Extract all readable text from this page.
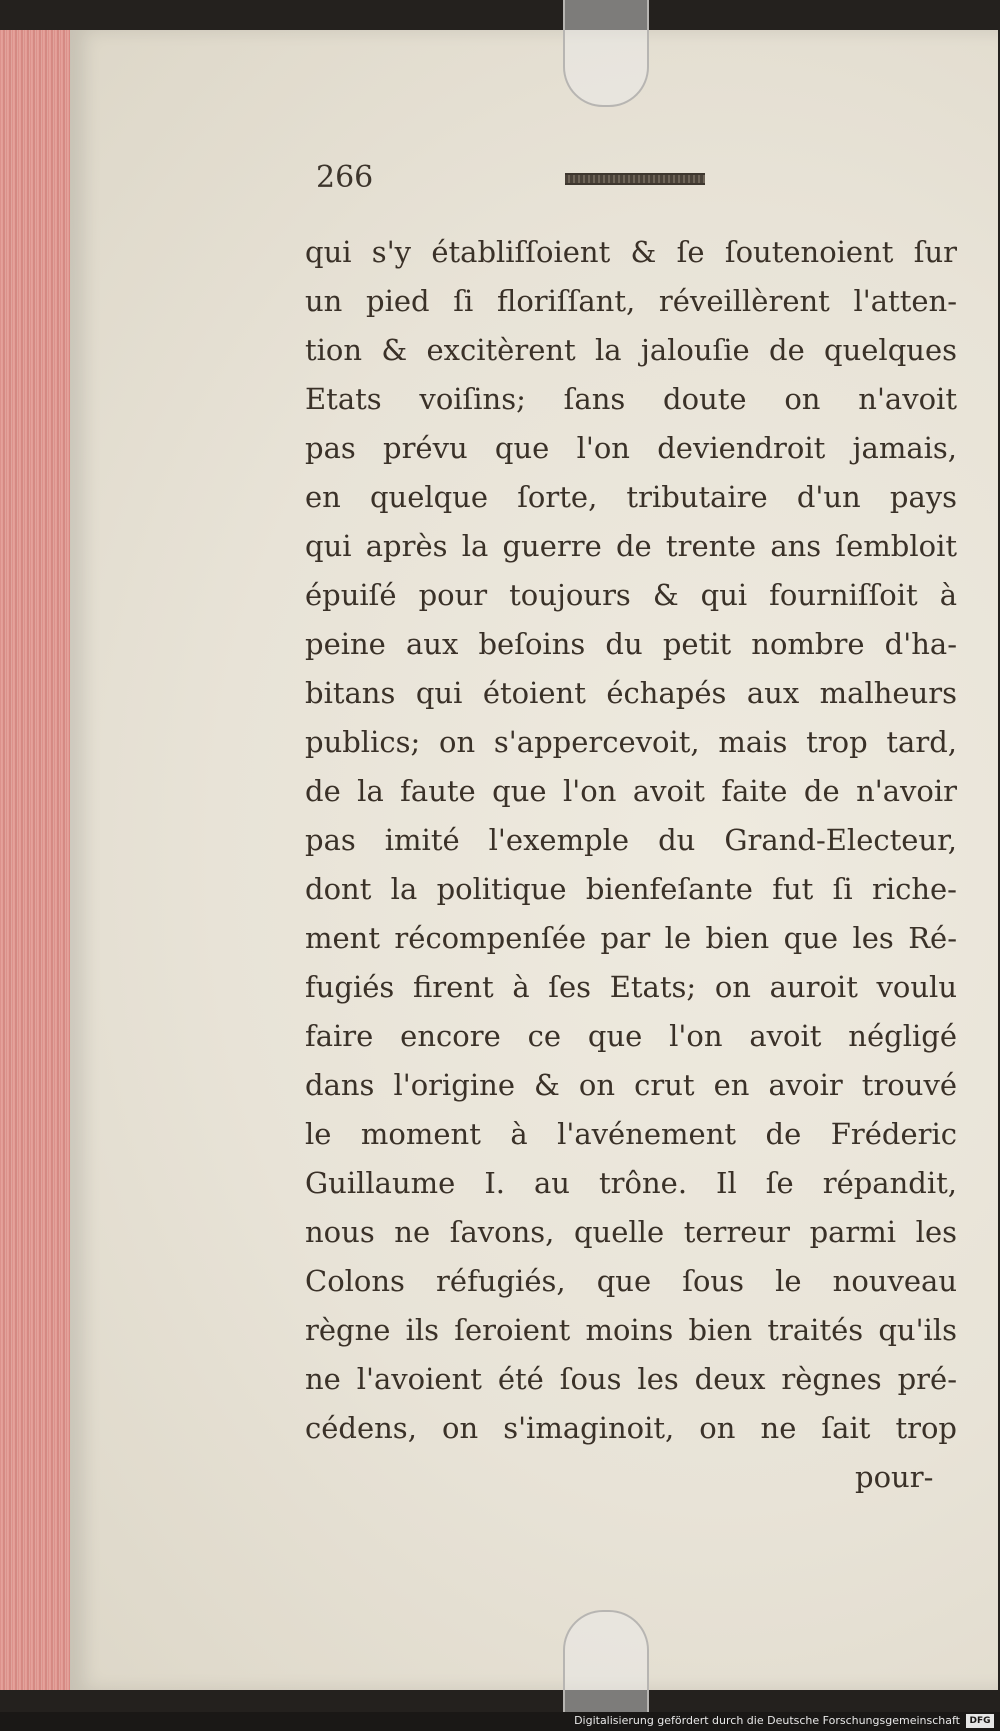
266

qui s'y établiſſoient & ſe ſoutenoient ſur
un pied ſi floriſſant, réveillèrent l'atten-
tion & excitèrent la jalouſie de quelques
Etats voiſins; ſans doute on n'avoit
pas prévu que l'on deviendroit jamais,
en quelque ſorte, tributaire d'un pays
qui après la guerre de trente ans ſembloit
épuiſé pour toujours & qui fourniſſoit à
peine aux beſoins du petit nombre d'ha-
bitans qui étoient échapés aux malheurs
publics; on s'appercevoit, mais trop tard,
de la faute que l'on avoit faite de n'avoir
pas imité l'exemple du Grand-Electeur,
dont la politique bienfeſante fut ſi riche-
ment récompenſée par le bien que les Ré-
fugiés firent à ſes Etats; on auroit voulu
faire encore ce que l'on avoit négligé
dans l'origine & on crut en avoir trouvé
le moment à l'avénement de Fréderic
Guillaume I. au trône. Il ſe répandit,
nous ne ſavons, quelle terreur parmi les
Colons réfugiés, que ſous le nouveau
règne ils ſeroient moins bien traités qu'ils
ne l'avoient été ſous les deux règnes pré-
cédens, on s'imaginoit, on ne ſait trop

pour-

Digitalisierung gefördert durch die Deutsche Forschungsgemeinschaft	DFG
